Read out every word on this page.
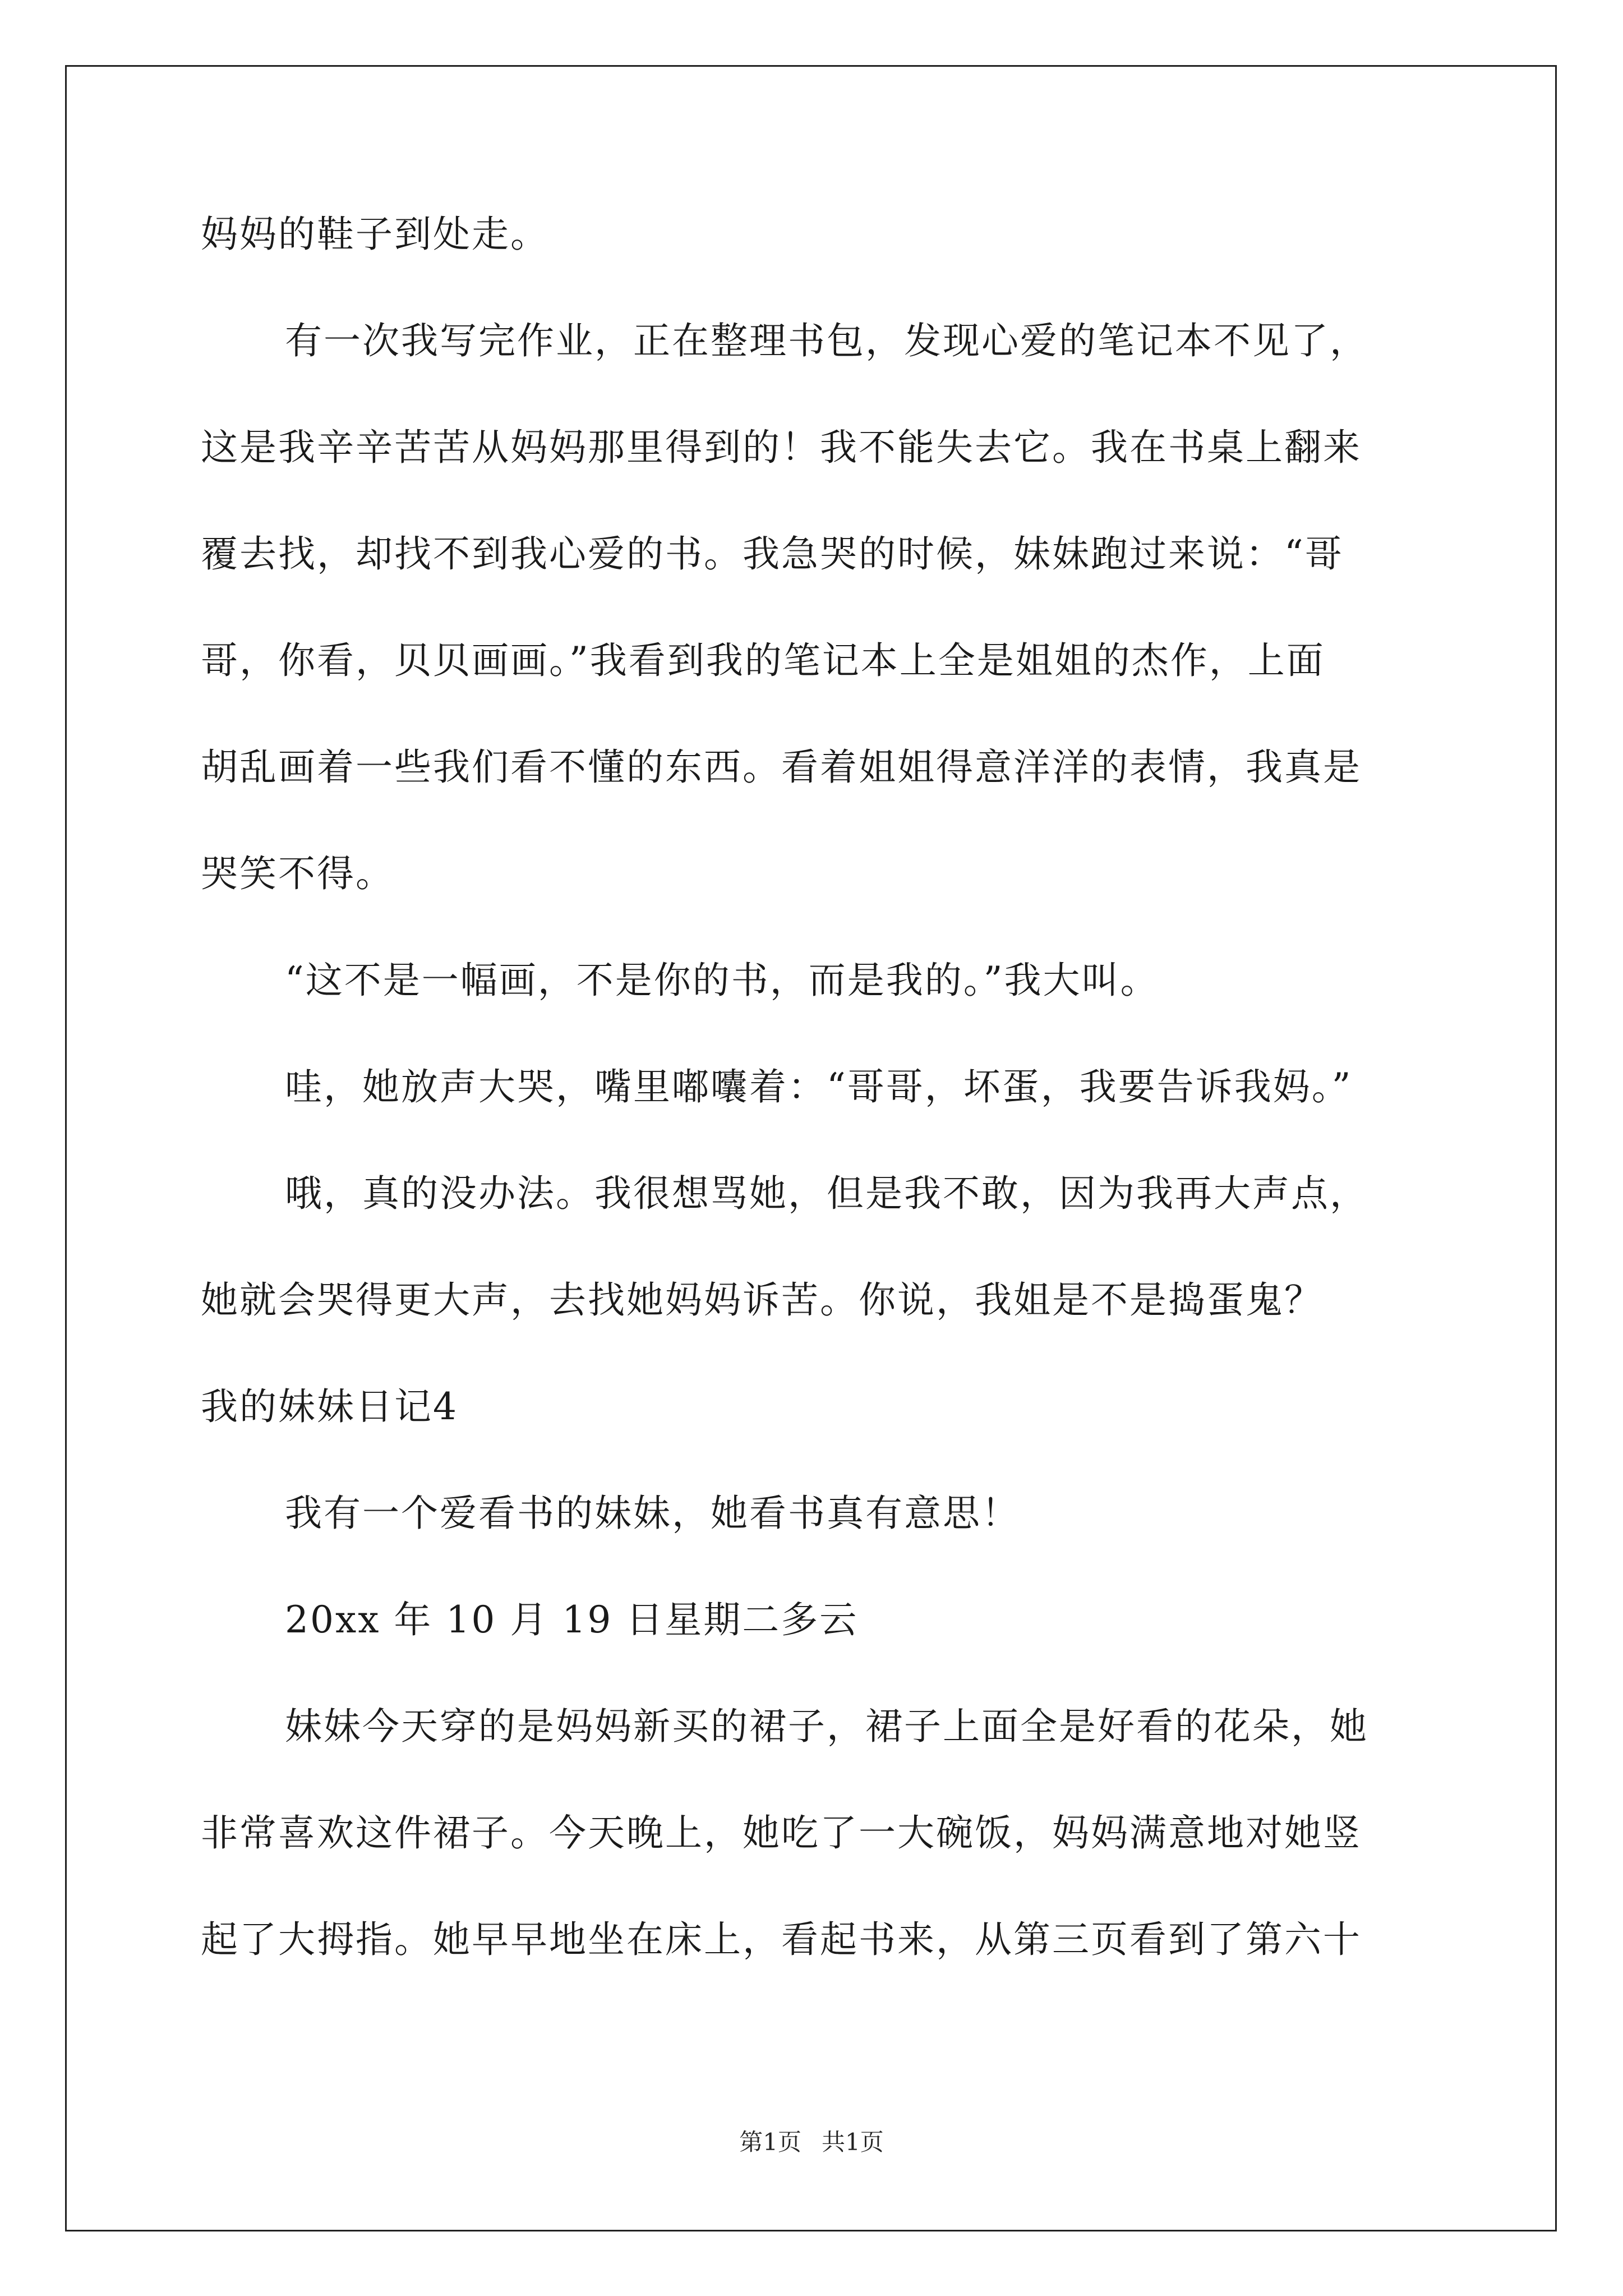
妈妈的鞋子到处走。
有一次我写完作业，正在整理书包，发现心爱的笔记本不见了，
这是我辛辛苦苦从妈妈那里得到的！我不能失去它。我在书桌上翻来
覆去找，却找不到我心爱的书。我急哭的时候，妹妹跑过来说：“哥
哥，你看，贝贝画画。”我看到我的笔记本上全是姐姐的杰作，上面
胡乱画着一些我们看不懂的东西。看着姐姐得意洋洋的表情，我真是
哭笑不得。
“这不是一幅画，不是你的书，而是我的。”我大叫。
哇，她放声大哭，嘴里嘟囔着：“哥哥，坏蛋，我要告诉我妈。”
哦，真的没办法。我很想骂她，但是我不敢，因为我再大声点，
她就会哭得更大声，去找她妈妈诉苦。你说，我姐是不是捣蛋鬼？
我的妹妹日记4
我有一个爱看书的妹妹，她看书真有意思！
20xx 年 10 月 19 日星期二多云
妹妹今天穿的是妈妈新买的裙子，裙子上面全是好看的花朵，她
非常喜欢这件裙子。今天晚上，她吃了一大碗饭，妈妈满意地对她竖
起了大拇指。她早早地坐在床上，看起书来，从第三页看到了第六十
第1页 共1页
